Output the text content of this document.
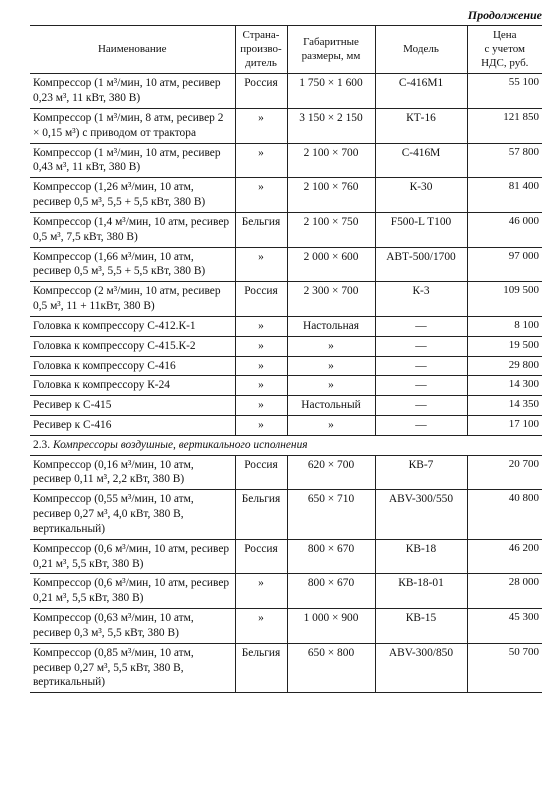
Продолжение
Наименование	Страна-
произво-
дитель	Габаритные
размеры, мм	Модель	Цена
с учетом
НДС, руб.
Компрессор (1 м³/мин, 10 атм, ресивер 0,23 м³, 11 кВт, 380 В)	Россия	1 750 × 1 600	С-416М1	55 100
Компрессор (1 м³/мин, 8 атм, ресивер 2 × 0,15 м³) с приводом от трактора	»	3 150 × 2 150	КТ-16	121 850
Компрессор (1 м³/мин, 10 атм, ресивер 0,43 м³, 11 кВт, 380 В)	»	2 100 × 700	С-416М	57 800
Компрессор (1,26 м³/мин, 10 атм, ресивер 0,5 м³, 5,5 + 5,5 кВт, 380 В)	»	2 100 × 760	К-30	81 400
Компрессор (1,4 м³/мин, 10 атм, ресивер 0,5 м³, 7,5 кВт, 380 В)	Бельгия	2 100 × 750	F500-L T100	46 000
Компрессор (1,66 м³/мин, 10 атм, ресивер 0,5 м³, 5,5 + 5,5 кВт, 380 В)	»	2 000 × 600	АВТ-500/1700	97 000
Компрессор (2 м³/мин, 10 атм, ресивер 0,5 м³, 11 + 11кВт, 380 В)	Россия	2 300 × 700	К-3	109 500
Головка к компрессору С-412.К-1	»	Настольная	—	8 100
Головка к компрессору С-415.К-2	»	»	—	19 500
Головка к компрессору С-416	»	»	—	29 800
Головка к компрессору К-24	»	»	—	14 300
Ресивер к С-415	»	Настольный	—	14 350
Ресивер к С-416	»	»	—	17 100
2.3. Компрессоры воздушные, вертикального исполнения				
Компрессор (0,16 м³/мин, 10 атм, ресивер 0,11 м³, 2,2 кВт, 380 В)	Россия	620 × 700	КВ-7	20 700
Компрессор (0,55 м³/мин, 10 атм, ресивер 0,27 м³, 4,0 кВт, 380 В, вертикальный)	Бельгия	650 × 710	ABV-300/550	40 800
Компрессор (0,6 м³/мин, 10 атм, ресивер 0,21 м³, 5,5 кВт, 380 В)	Россия	800 × 670	КВ-18	46 200
Компрессор (0,6 м³/мин, 10 атм, ресивер 0,21 м³, 5,5 кВт, 380 В)	»	800 × 670	КВ-18-01	28 000
Компрессор (0,63 м³/мин, 10 атм, ресивер 0,3 м³, 5,5 кВт, 380 В)	»	1 000 × 900	КВ-15	45 300
Компрессор (0,85 м³/мин, 10 атм, ресивер 0,27 м³, 5,5 кВт, 380 В, вертикальный)	Бельгия	650 × 800	ABV-300/850	50 700
